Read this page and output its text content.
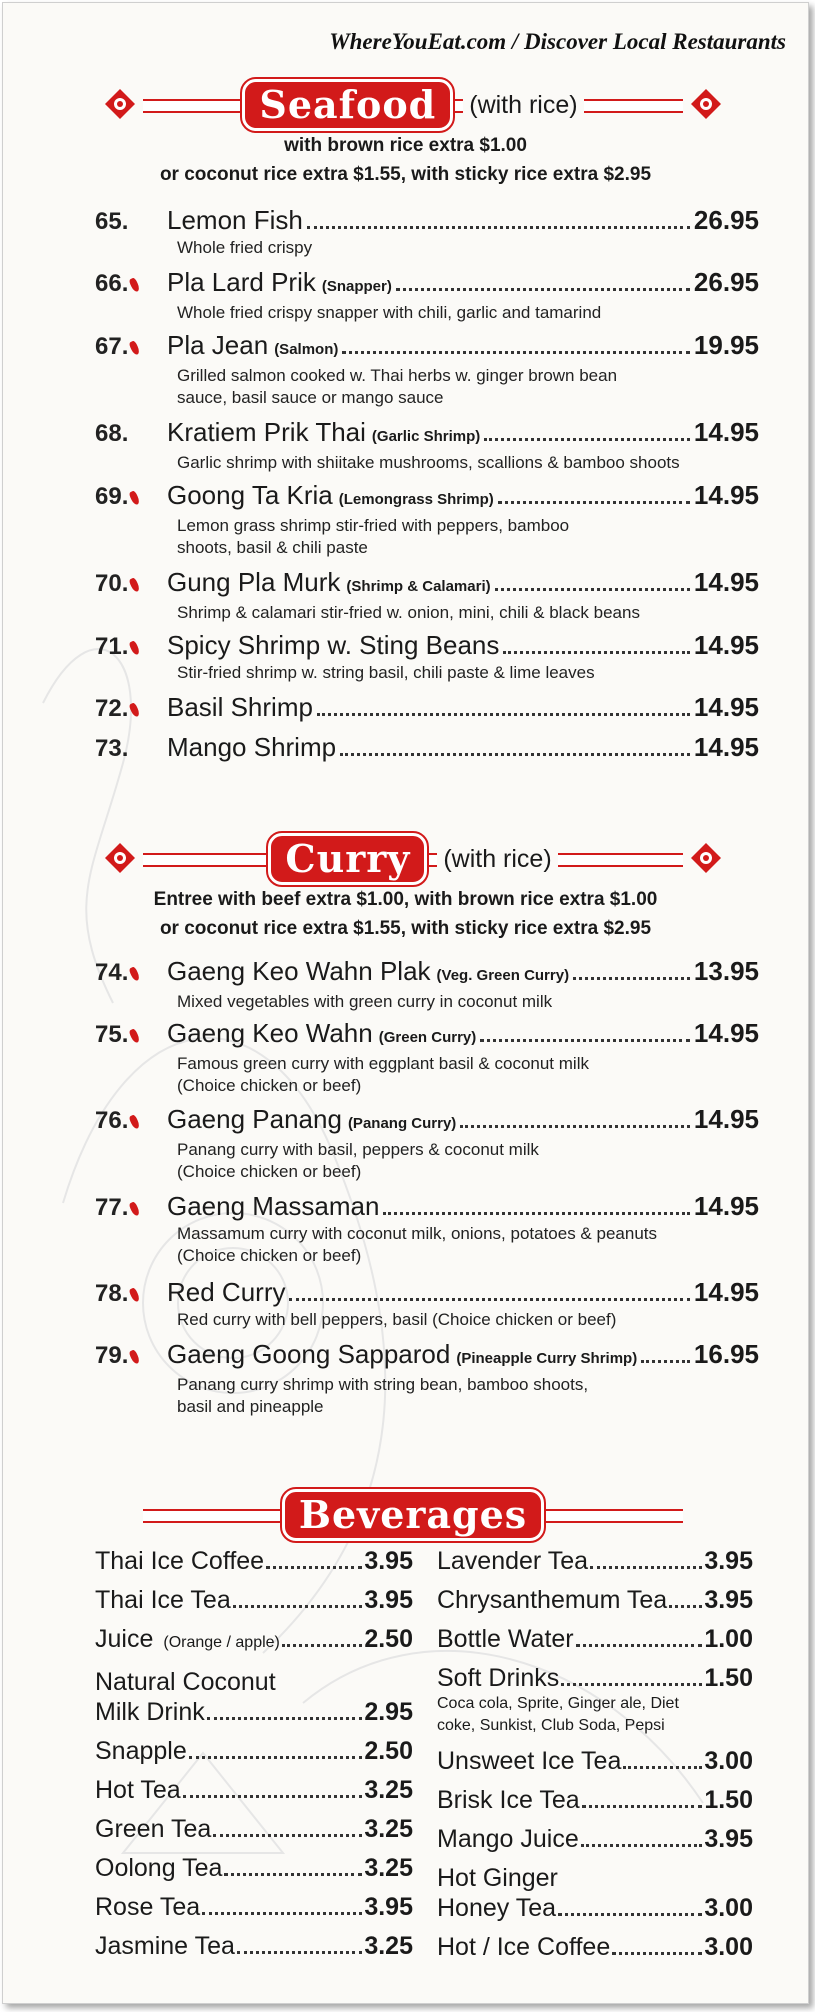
WhereYouEat.com / Discover Local Restaurants
Seafood (with rice)
with brown rice extra $1.00
or coconut rice extra $1.55, with sticky rice extra $2.95
65.	Lemon Fish	26.95
Whole fried crispy
66.	Pla Lard Prik (Snapper)	26.95
Whole fried crispy snapper with chili, garlic and tamarind
67.	Pla Jean (Salmon)	19.95
Grilled salmon cooked w. Thai herbs w. ginger brown bean
sauce, basil sauce or mango sauce
68.	Kratiem Prik Thai (Garlic Shrimp)	14.95
Garlic shrimp with shiitake mushrooms, scallions & bamboo shoots
69.	Goong Ta Kria (Lemongrass Shrimp)	14.95
Lemon grass shrimp stir-fried with peppers, bamboo
shoots, basil & chili paste
70.	Gung Pla Murk (Shrimp & Calamari)	14.95
Shrimp & calamari stir-fried w. onion, mini, chili & black beans
71.	Spicy Shrimp w. Sting Beans	14.95
Stir-fried shrimp w. string basil, chili paste & lime leaves
72.	Basil Shrimp	14.95
73.	Mango Shrimp	14.95
Curry (with rice)
Entree with beef extra $1.00, with brown rice extra $1.00
or coconut rice extra $1.55, with sticky rice extra $2.95
74.	Gaeng Keo Wahn Plak (Veg. Green Curry)	13.95
Mixed vegetables with green curry in coconut milk
75.	Gaeng Keo Wahn (Green Curry)	14.95
Famous green curry with eggplant basil & coconut milk
(Choice chicken or beef)
76.	Gaeng Panang (Panang Curry)	14.95
Panang curry with basil, peppers & coconut milk
(Choice chicken or beef)
77.	Gaeng Massaman	14.95
Massamum curry with coconut milk, onions, potatoes & peanuts
(Choice chicken or beef)
78.	Red Curry	14.95
Red curry with bell peppers, basil (Choice chicken or beef)
79.	Gaeng Goong Sapparod (Pineapple Curry Shrimp) 16.95
Panang curry shrimp with string bean, bamboo shoots,
basil and pineapple
Beverages
Thai Ice Coffee	3.95
Thai Ice Tea	3.95
Juice (Orange / apple)	2.50
Natural Coconut
Milk Drink	2.95
Snapple	2.50
Hot Tea	3.25
Green Tea	3.25
Oolong Tea	3.25
Rose Tea	3.95
Jasmine Tea	3.25
Lavender Tea	3.95
Chrysanthemum Tea 3.95
Bottle Water	1.00
Soft Drinks	1.50
Coca cola, Sprite, Ginger ale, Diet
coke, Sunkist, Club Soda, Pepsi
Unsweet Ice Tea	3.00
Brisk Ice Tea	1.50
Mango Juice	3.95
Hot Ginger
Honey Tea	3.00
Hot / Ice Coffee	3.00
